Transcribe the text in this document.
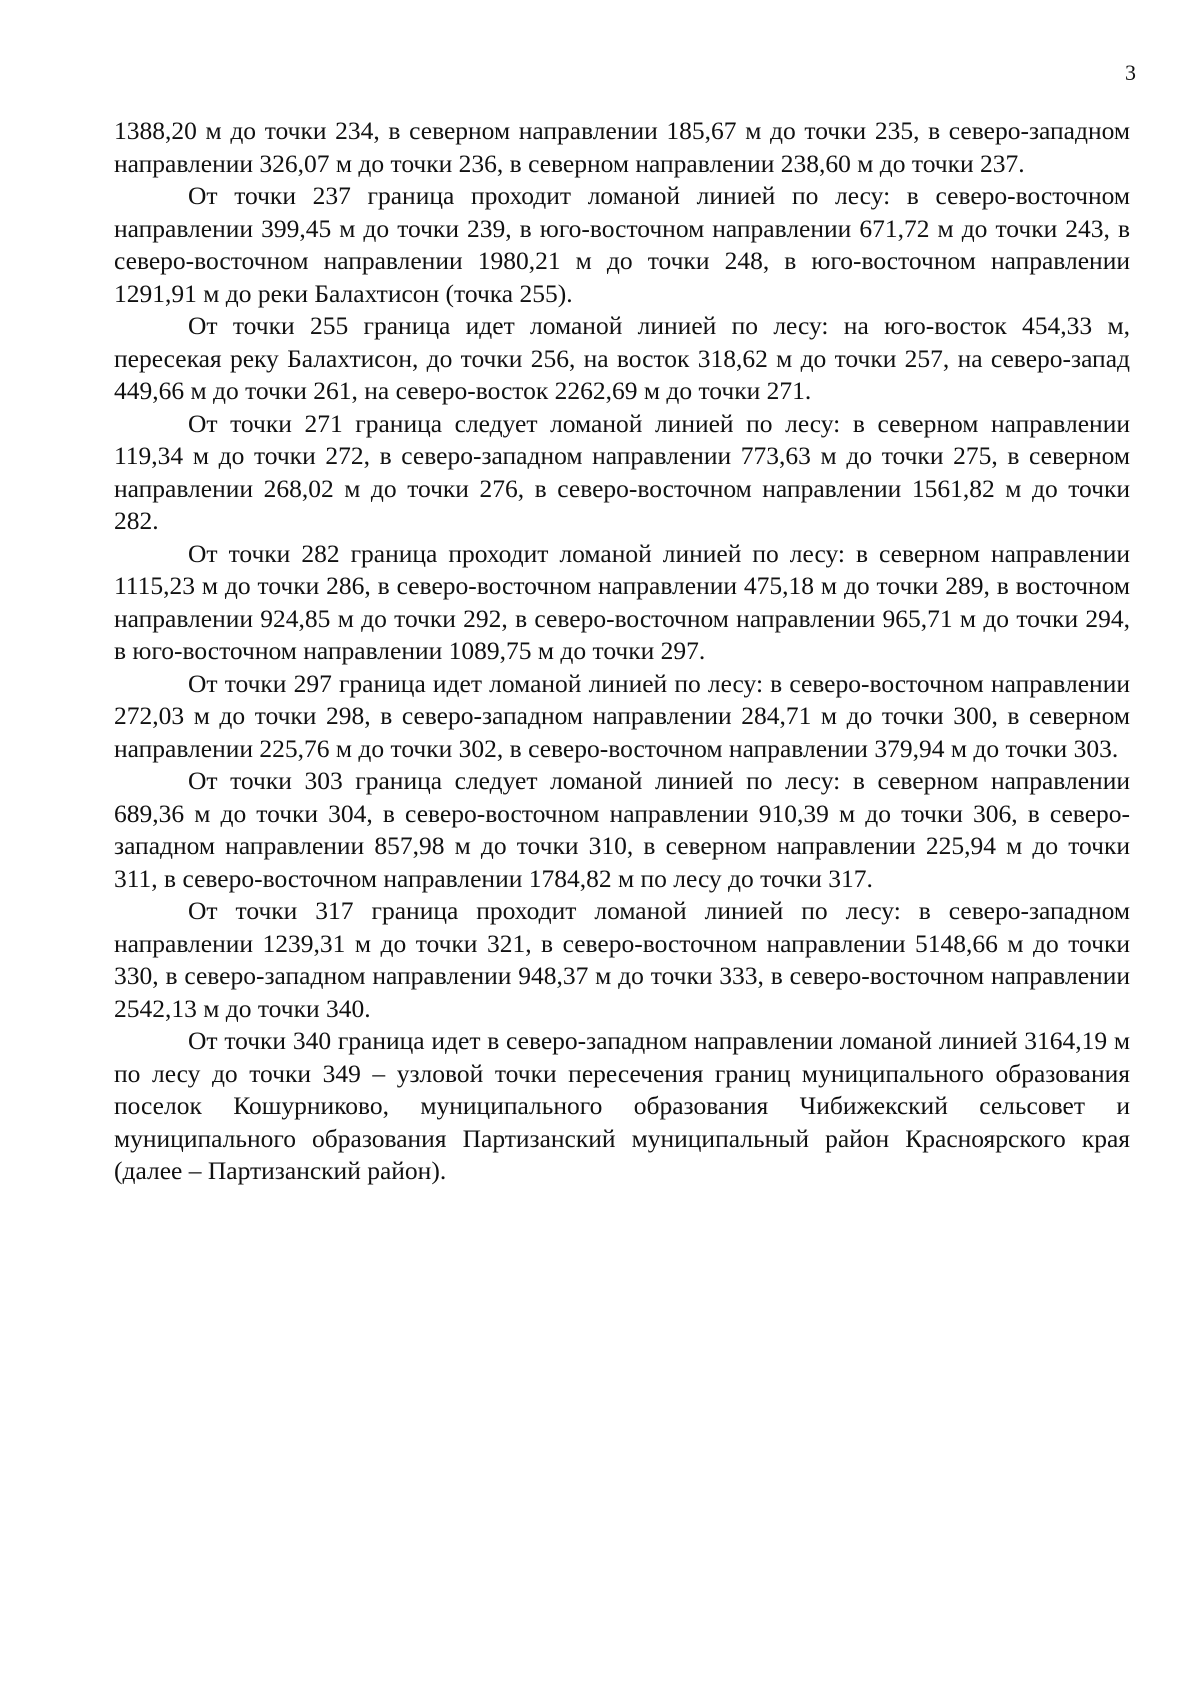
3

1388,20 м до точки 234, в северном направлении 185,67 м до точки 235, в северо-западном направлении 326,07 м до точки 236, в северном направлении 238,60 м до точки 237.

От точки 237 граница проходит ломаной линией по лесу: в северо-восточном направлении 399,45 м до точки 239, в юго-восточном направлении 671,72 м до точки 243, в северо-восточном направлении 1980,21 м до точки 248, в юго-восточном направлении 1291,91 м до реки Балахтисон (точка 255).

От точки 255 граница идет ломаной линией по лесу: на юго-восток 454,33 м, пересекая реку Балахтисон, до точки 256, на восток 318,62 м до точки 257, на северо-запад 449,66 м до точки 261, на северо-восток 2262,69 м до точки 271.

От точки 271 граница следует ломаной линией по лесу: в северном направлении 119,34 м до точки 272, в северо-западном направлении 773,63 м до точки 275, в северном направлении 268,02 м до точки 276, в северо-восточном направлении 1561,82 м до точки 282.

От точки 282 граница проходит ломаной линией по лесу: в северном направлении 1115,23 м до точки 286, в северо-восточном направлении 475,18 м до точки 289, в восточном направлении 924,85 м до точки 292, в северо-восточном направлении 965,71 м до точки 294, в юго-восточном направлении 1089,75 м до точки 297.

От точки 297 граница идет ломаной линией по лесу: в северо-восточном направлении 272,03 м до точки 298, в северо-западном направлении 284,71 м до точки 300, в северном направлении 225,76 м до точки 302, в северо-восточном направлении 379,94 м до точки 303.

От точки 303 граница следует ломаной линией по лесу: в северном направлении 689,36 м до точки 304, в северо-восточном направлении 910,39 м до точки 306, в северо-западном направлении 857,98 м до точки 310, в северном направлении 225,94 м до точки 311, в северо-восточном направлении 1784,82 м по лесу до точки 317.

От точки 317 граница проходит ломаной линией по лесу: в северо-западном направлении 1239,31 м до точки 321, в северо-восточном направлении 5148,66 м до точки 330, в северо-западном направлении 948,37 м до точки 333, в северо-восточном направлении 2542,13 м до точки 340.

От точки 340 граница идет в северо-западном направлении ломаной линией 3164,19 м по лесу до точки 349 – узловой точки пересечения границ муниципального образования поселок Кошурниково, муниципального образования Чибижекский сельсовет и муниципального образования Партизанский муниципальный район Красноярского края (далее – Партизанский район).
